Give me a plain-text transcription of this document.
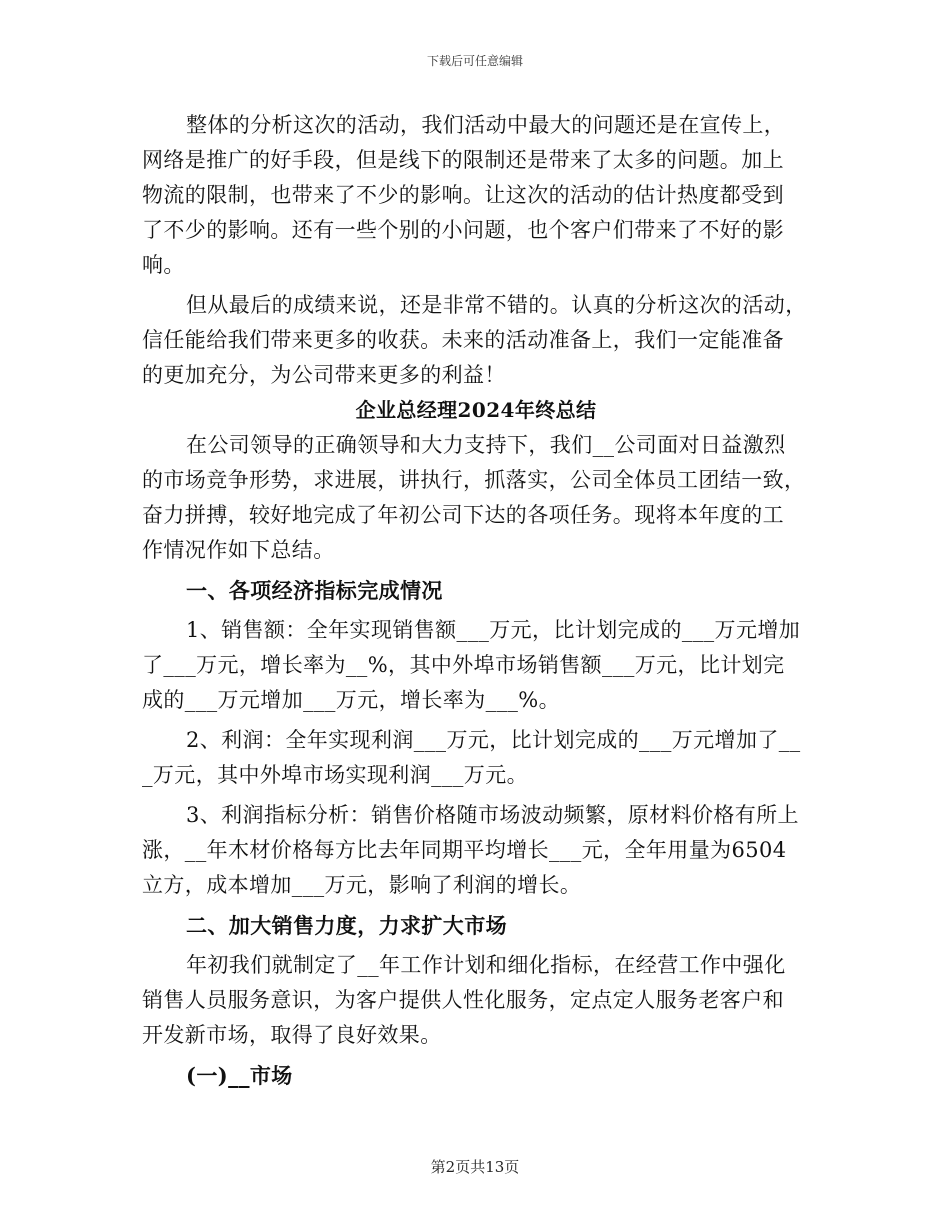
下载后可任意编辑
整体的分析这次的活动，我们活动中最大的问题还是在宣传上，
网络是推广的好手段，但是线下的限制还是带来了太多的问题。加上
物流的限制，也带来了不少的影响。让这次的活动的估计热度都受到
了不少的影响。还有一些个别的小问题，也个客户们带来了不好的影
响。
但从最后的成绩来说，还是非常不错的。认真的分析这次的活动，
信任能给我们带来更多的收获。未来的活动准备上，我们一定能准备
的更加充分，为公司带来更多的利益！
企业总经理2024年终总结
在公司领导的正确领导和大力支持下，我们__公司面对日益激烈
的市场竞争形势，求进展，讲执行，抓落实，公司全体员工团结一致，
奋力拼搏，较好地完成了年初公司下达的各项任务。现将本年度的工
作情况作如下总结。
一、各项经济指标完成情况
1、销售额：全年实现销售额___万元，比计划完成的___万元增加
了___万元，增长率为__%，其中外埠市场销售额___万元，比计划完
成的___万元增加___万元，增长率为___%。
2、利润：全年实现利润___万元，比计划完成的___万元增加了__
_万元，其中外埠市场实现利润___万元。
3、利润指标分析：销售价格随市场波动频繁，原材料价格有所上
涨，__年木材价格每方比去年同期平均增长___元，全年用量为6504
立方，成本增加___万元，影响了利润的增长。
二、加大销售力度，力求扩大市场
年初我们就制定了__年工作计划和细化指标，在经营工作中强化
销售人员服务意识，为客户提供人性化服务，定点定人服务老客户和
开发新市场，取得了良好效果。
(一)__市场
第2页共13页
